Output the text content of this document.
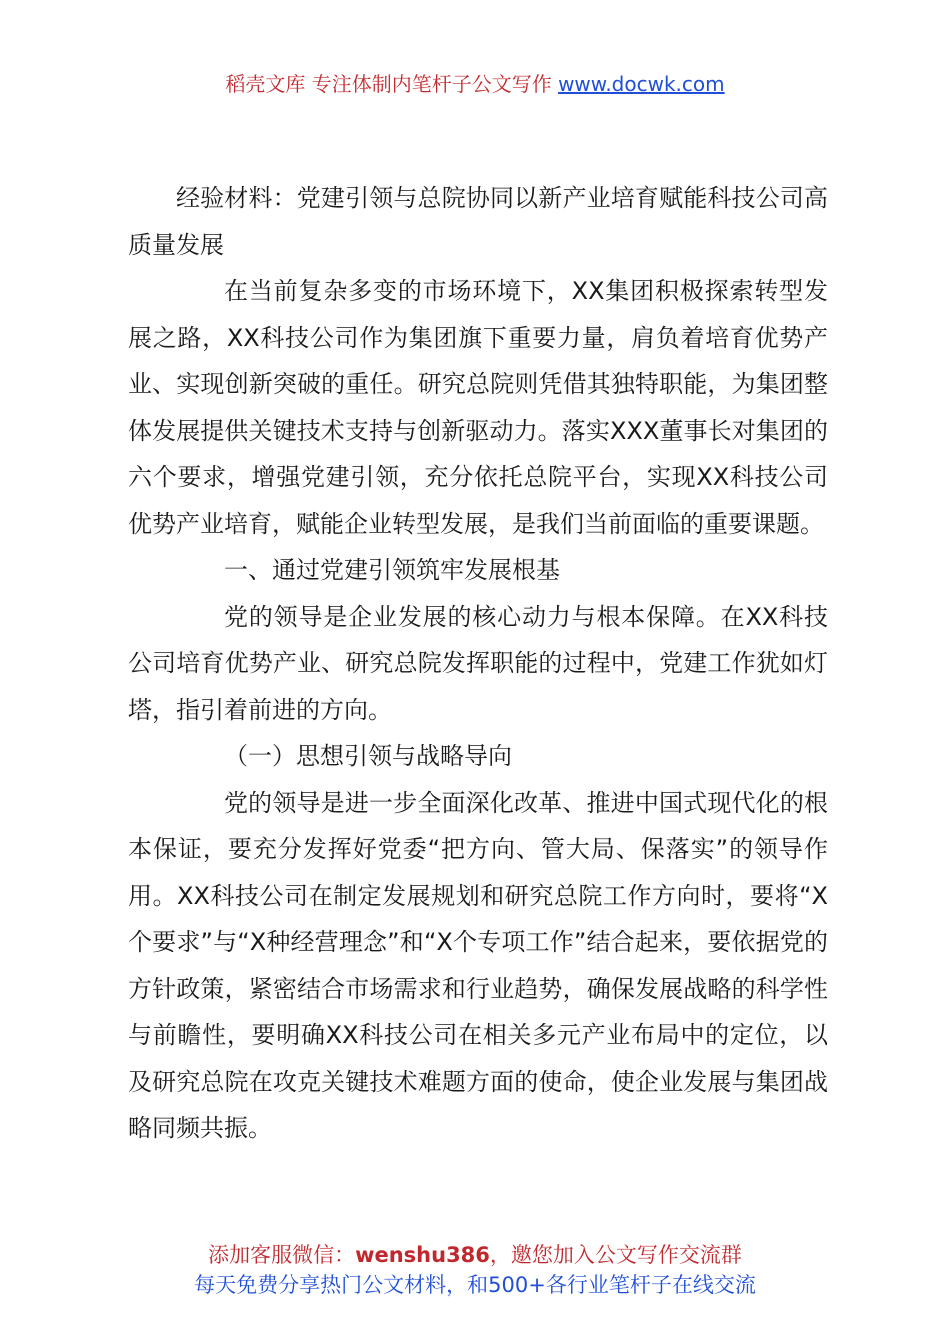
稻壳文库 专注体制内笔杆子公文写作 www.docwk.com

经验材料：党建引领与总院协同以新产业培育赋能科技公司高质量发展

在当前复杂多变的市场环境下，XX集团积极探索转型发展之路，XX科技公司作为集团旗下重要力量，肩负着培育优势产业、实现创新突破的重任。研究总院则凭借其独特职能，为集团整体发展提供关键技术支持与创新驱动力。落实XXX董事长对集团的六个要求，增强党建引领，充分依托总院平台，实现XX科技公司优势产业培育，赋能企业转型发展，是我们当前面临的重要课题。

一、通过党建引领筑牢发展根基

党的领导是企业发展的核心动力与根本保障。在XX科技公司培育优势产业、研究总院发挥职能的过程中，党建工作犹如灯塔，指引着前进的方向。

（一）思想引领与战略导向

党的领导是进一步全面深化改革、推进中国式现代化的根本保证，要充分发挥好党委“把方向、管大局、保落实”的领导作用。XX科技公司在制定发展规划和研究总院工作方向时，要将“X个要求”与“X种经营理念”和“X个专项工作”结合起来，要依据党的方针政策，紧密结合市场需求和行业趋势，确保发展战略的科学性与前瞻性，要明确XX科技公司在相关多元产业布局中的定位，以及研究总院在攻克关键技术难题方面的使命，使企业发展与集团战略同频共振。

添加客服微信：wenshu386，邀您加入公文写作交流群
每天免费分享热门公文材料，和500+各行业笔杆子在线交流
